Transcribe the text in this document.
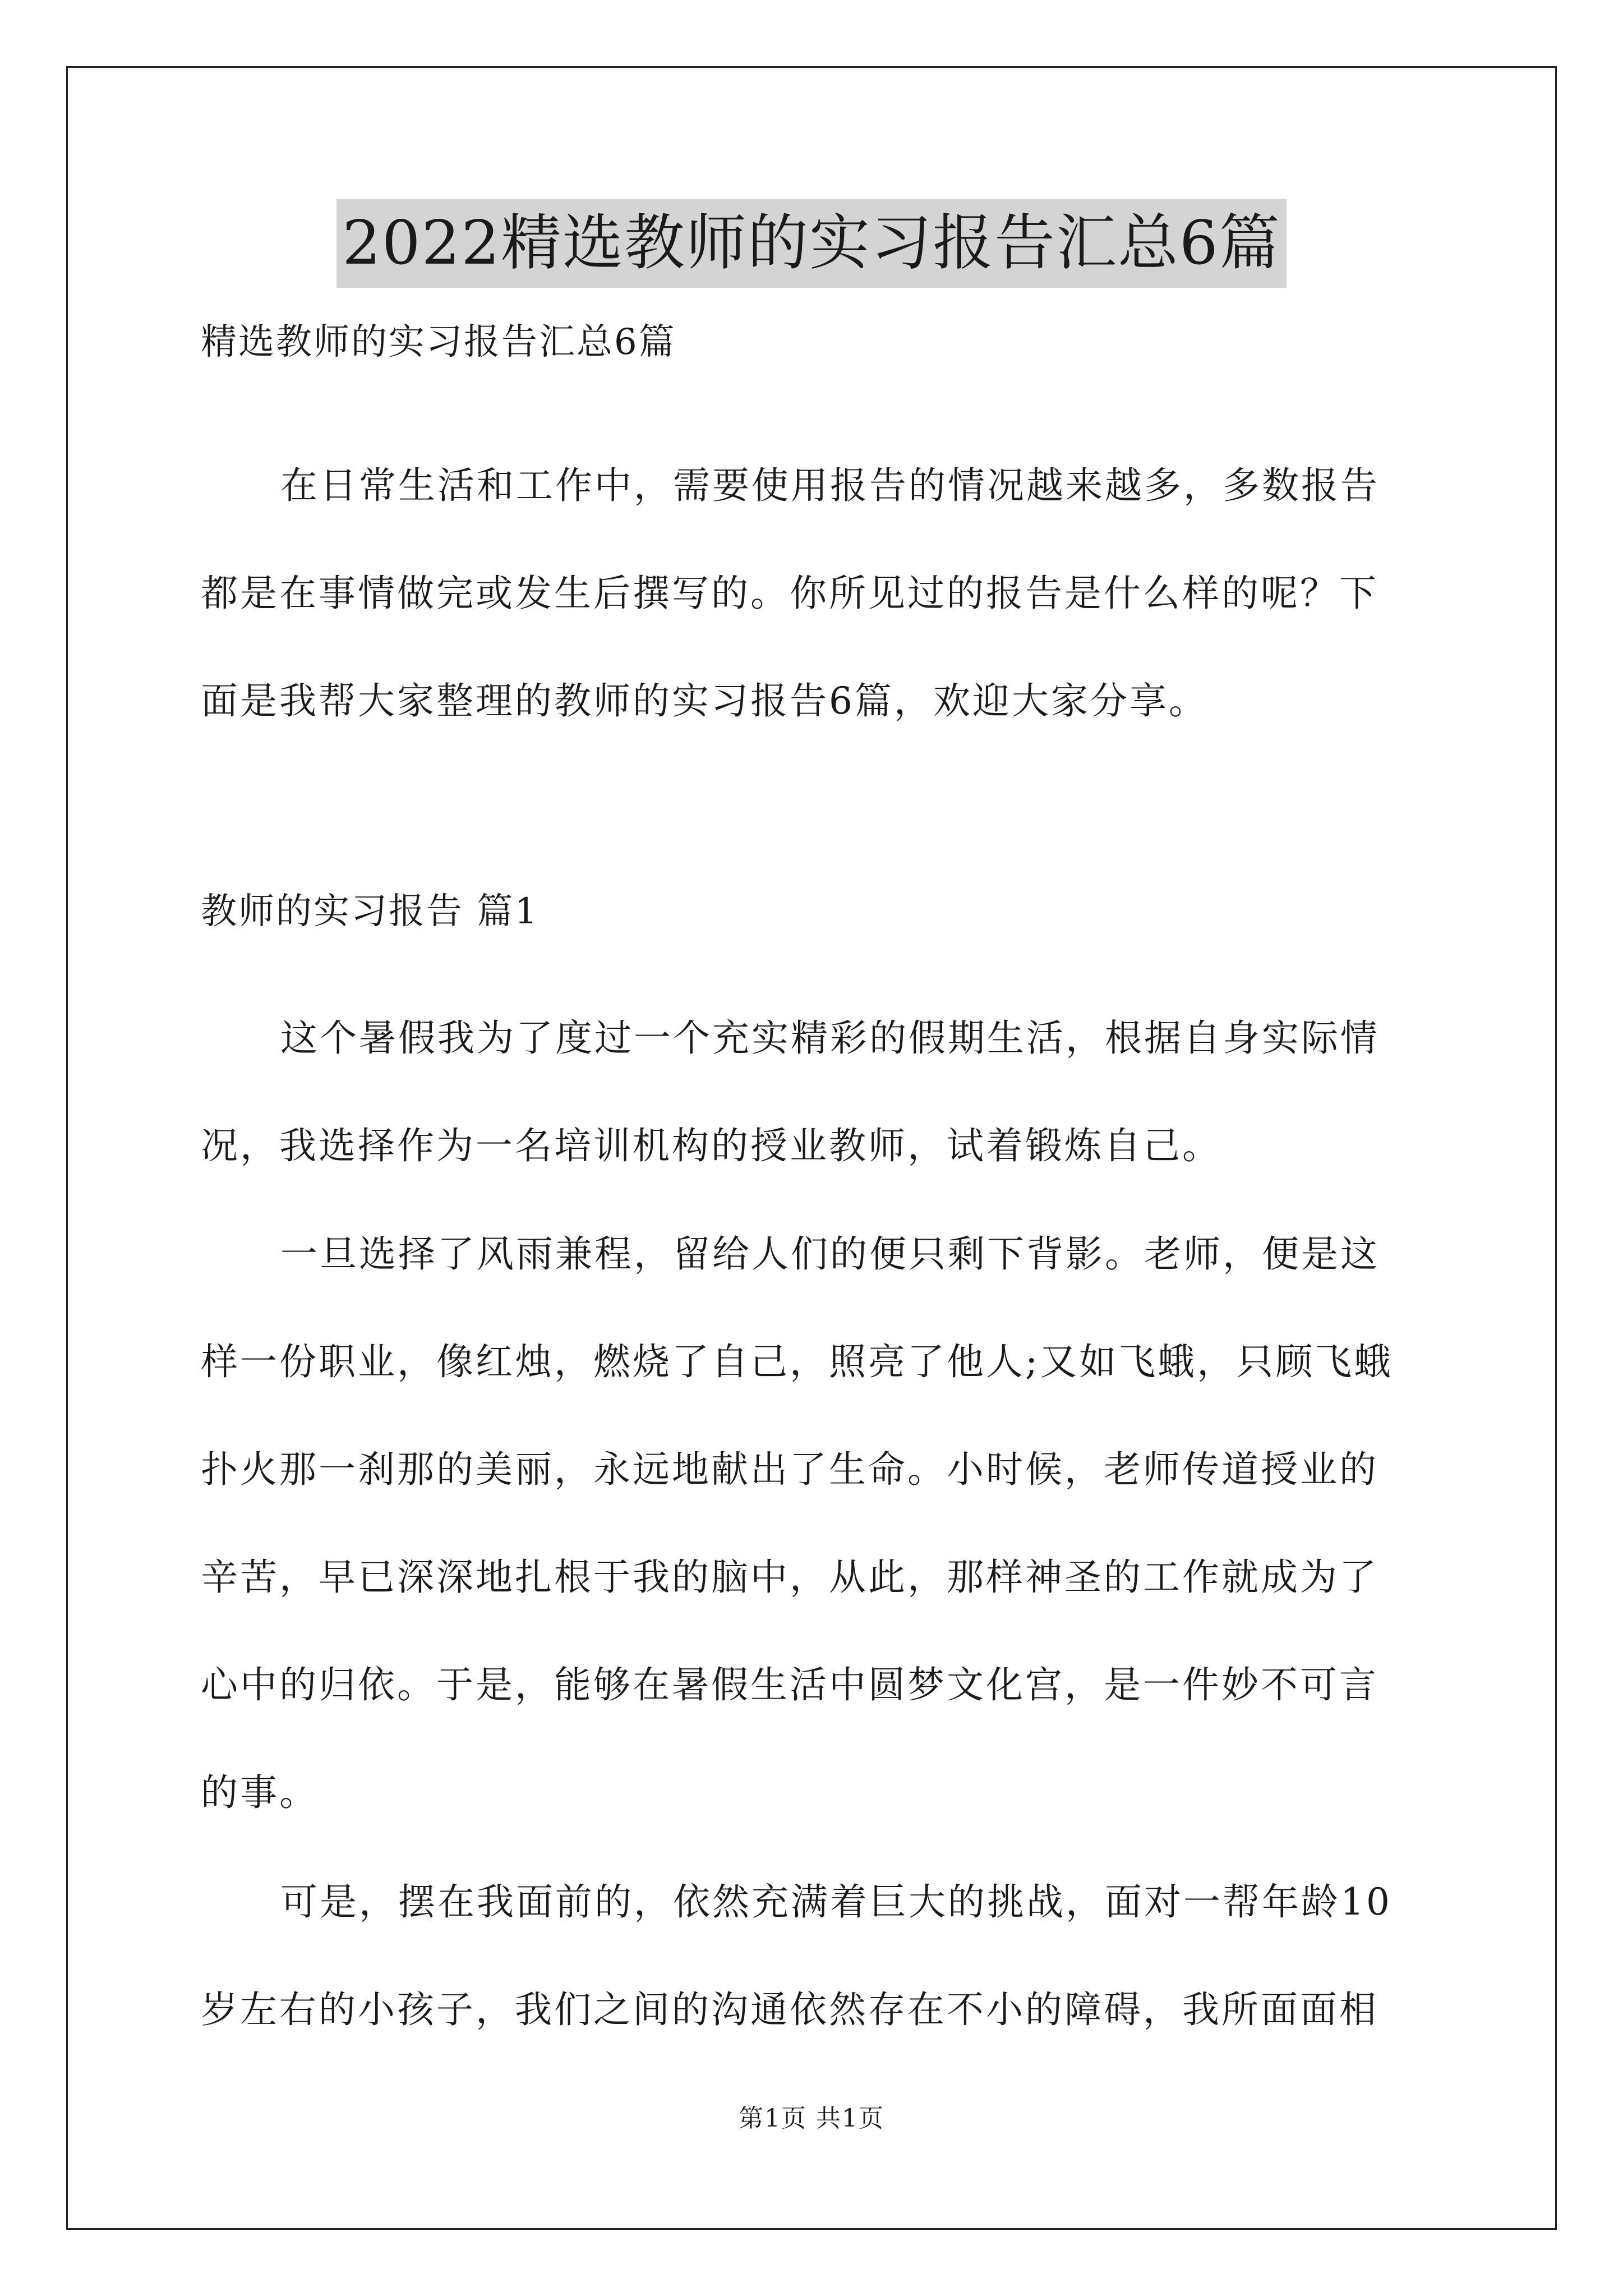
2022精选教师的实习报告汇总6篇
精选教师的实习报告汇总6篇
在日常生活和工作中，需要使用报告的情况越来越多，多数报告
都是在事情做完或发生后撰写的。你所见过的报告是什么样的呢？下
面是我帮大家整理的教师的实习报告6篇，欢迎大家分享。
教师的实习报告 篇1
这个暑假我为了度过一个充实精彩的假期生活，根据自身实际情
况，我选择作为一名培训机构的授业教师，试着锻炼自己。
一旦选择了风雨兼程，留给人们的便只剩下背影。老师，便是这
样一份职业，像红烛，燃烧了自己，照亮了他人;又如飞蛾，只顾飞蛾
扑火那一刹那的美丽，永远地献出了生命。小时候，老师传道授业的
辛苦，早已深深地扎根于我的脑中，从此，那样神圣的工作就成为了
心中的归依。于是，能够在暑假生活中圆梦文化宫，是一件妙不可言
的事。
可是，摆在我面前的，依然充满着巨大的挑战，面对一帮年龄10
岁左右的小孩子，我们之间的沟通依然存在不小的障碍，我所面面相
第1页 共1页
